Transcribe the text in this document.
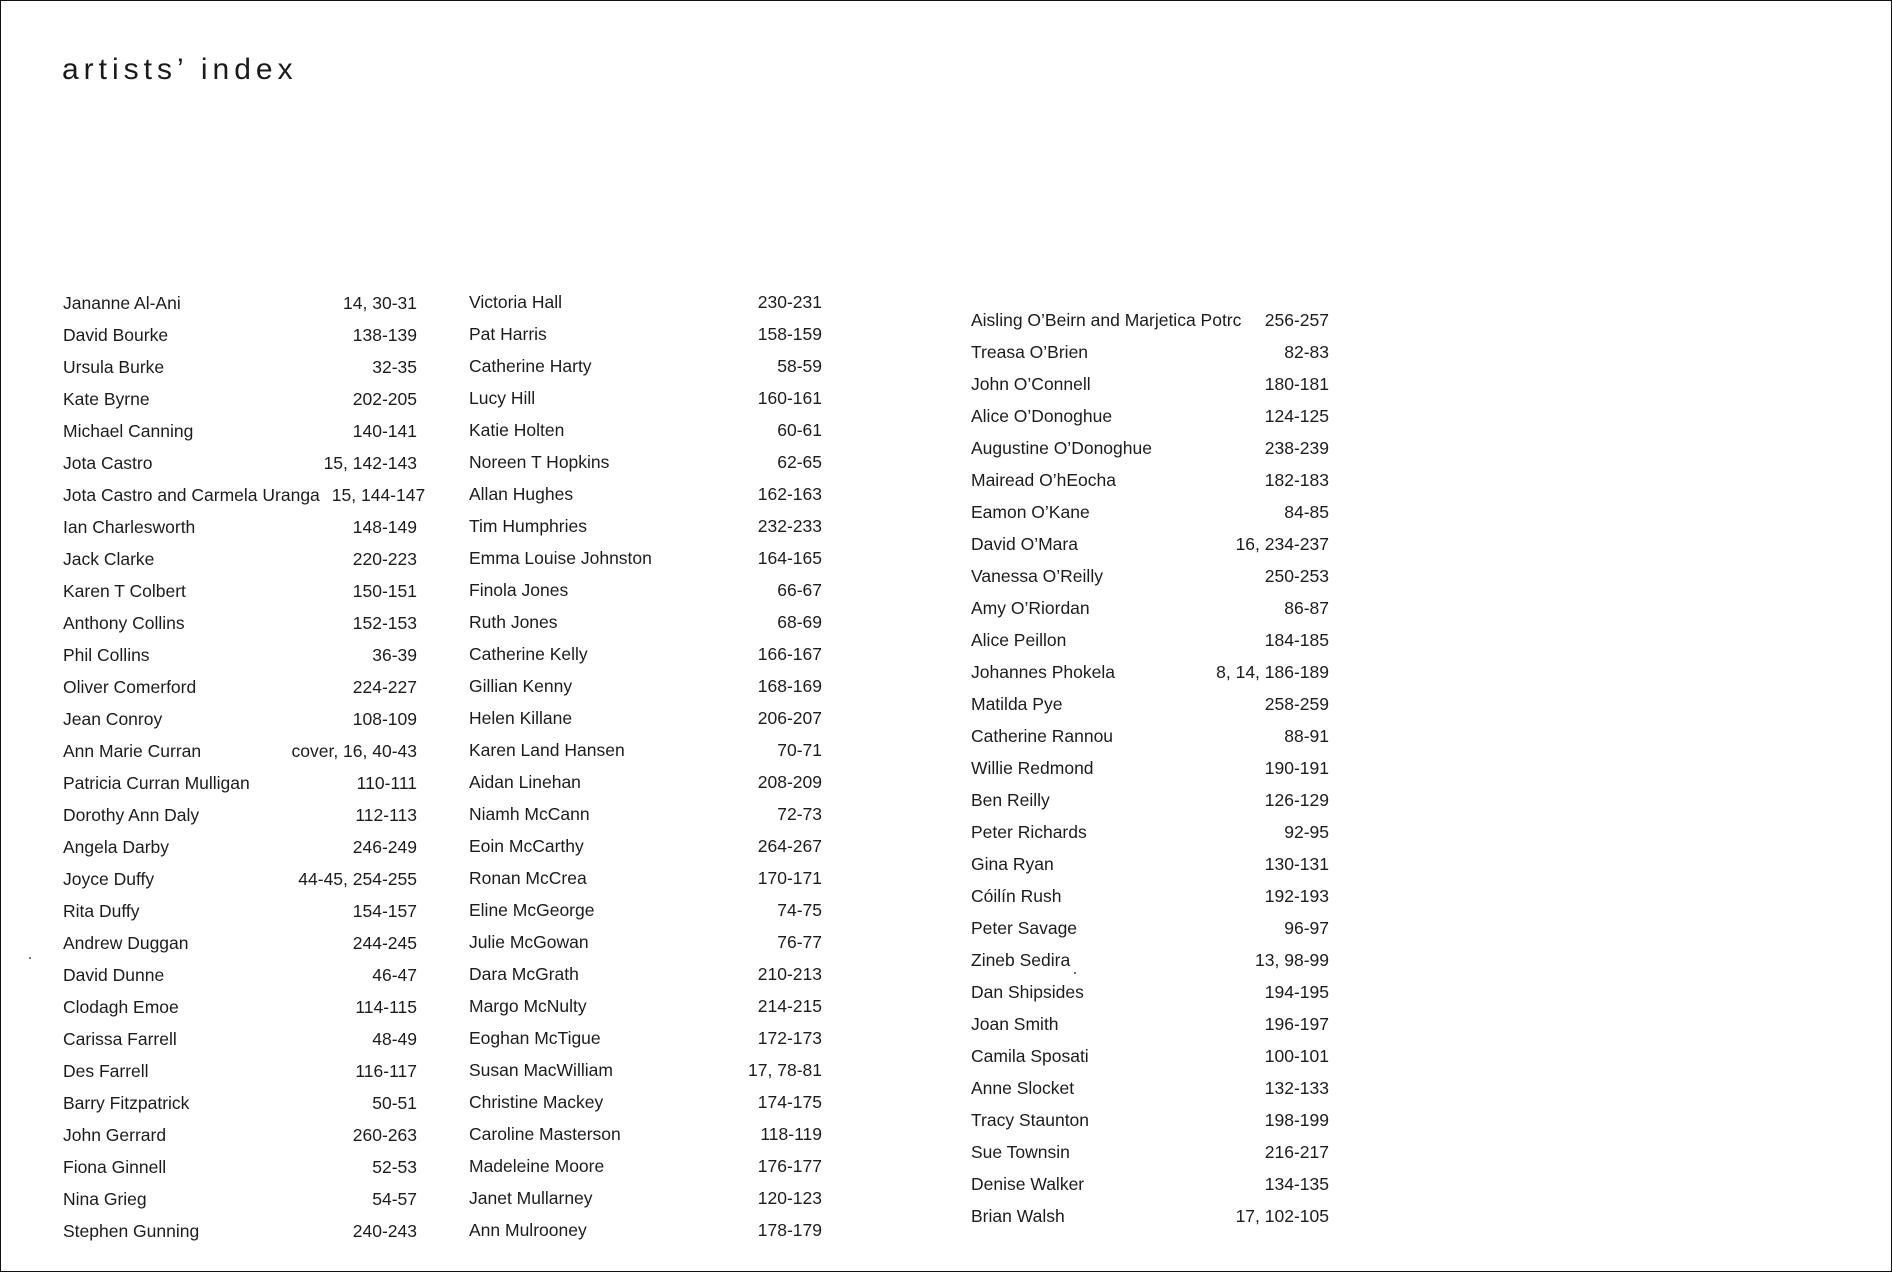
artists’ index
Jananne Al-Ani	14, 30-31
David Bourke	138-139
Ursula Burke	32-35
Kate Byrne	202-205
Michael Canning	140-141
Jota Castro	15, 142-143
Jota Castro and Carmela Uranga 15, 144-147
Ian Charlesworth	148-149
Jack Clarke	220-223
Karen T Colbert	150-151
Anthony Collins	152-153
Phil Collins	36-39
Oliver Comerford	224-227
Jean Conroy	108-109
Ann Marie Curran	cover, 16, 40-43
Patricia Curran Mulligan	110-111
Dorothy Ann Daly	112-113
Angela Darby	246-249
Joyce Duffy	44-45, 254-255
Rita Duffy	154-157
Andrew Duggan	244-245
David Dunne	46-47
Clodagh Emoe	114-115
Carissa Farrell	48-49
Des Farrell	116-117
Barry Fitzpatrick	50-51
John Gerrard	260-263
Fiona Ginnell	52-53
Nina Grieg	54-57
Stephen Gunning	240-243
Victoria Hall	230-231
Pat Harris	158-159
Catherine Harty	58-59
Lucy Hill	160-161
Katie Holten	60-61
Noreen T Hopkins	62-65
Allan Hughes	162-163
Tim Humphries	232-233
Emma Louise Johnston	164-165
Finola Jones	66-67
Ruth Jones	68-69
Catherine Kelly	166-167
Gillian Kenny	168-169
Helen Killane	206-207
Karen Land Hansen	70-71
Aidan Linehan	208-209
Niamh McCann	72-73
Eoin McCarthy	264-267
Ronan McCrea	170-171
Eline McGeorge	74-75
Julie McGowan	76-77
Dara McGrath	210-213
Margo McNulty	214-215
Eoghan McTigue	172-173
Susan MacWilliam	17, 78-81
Christine Mackey	174-175
Caroline Masterson	118-119
Madeleine Moore	176-177
Janet Mullarney	120-123
Ann Mulrooney	178-179
Aisling O’Beirn and Marjetica Potrc	256-257
Treasa O’Brien	82-83
John O’Connell	180-181
Alice O’Donoghue	124-125
Augustine O’Donoghue	238-239
Mairead O’hEocha	182-183
Eamon O’Kane	84-85
David O’Mara	16, 234-237
Vanessa O’Reilly	250-253
Amy O’Riordan	86-87
Alice Peillon	184-185
Johannes Phokela	8, 14, 186-189
Matilda Pye	258-259
Catherine Rannou	88-91
Willie Redmond	190-191
Ben Reilly	126-129
Peter Richards	92-95
Gina Ryan	130-131
Cóilín Rush	192-193
Peter Savage	96-97
Zineb Sedira	13, 98-99
Dan Shipsides	194-195
Joan Smith	196-197
Camila Sposati	100-101
Anne Slocket	132-133
Tracy Staunton	198-199
Sue Townsin	216-217
Denise Walker	134-135
Brian Walsh	17, 102-105
